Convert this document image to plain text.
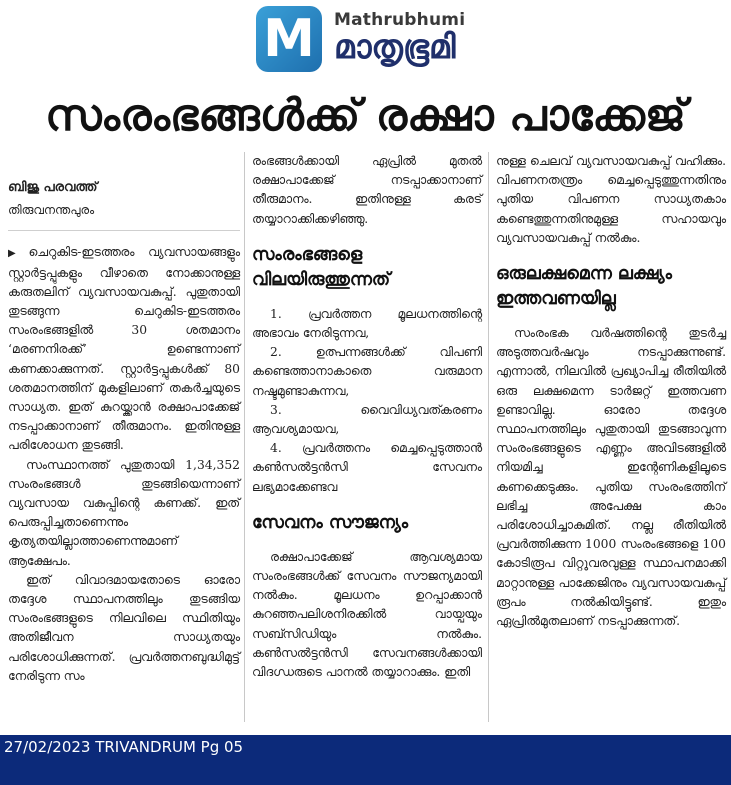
M Mathrubhumi
മാതൃഭൂമി
സംരംഭങ്ങൾക്ക് രക്ഷാ പാക്കേജ്
ബിജു പരവത്ത്
തിരുവനന്തപുരം

▶ ചെറുകിട-ഇടത്തരം വ്യവസായങ്ങളും സ്റ്റാർട്ടപ്പുകളും വീഴാതെ നോക്കാനുള്ള കരുതലിന് വ്യവസായവകുപ്പ്. പുതുതായി തുടങ്ങുന്ന ചെറുകിട-ഇടത്തരം സംരംഭങ്ങളിൽ 30 ശതമാനം ‘മരണനിരക്ക്’ ഉണ്ടെന്നാണ് കണക്കാക്കുന്നത്. സ്റ്റാർട്ടപ്പുകൾക്ക് 80 ശതമാനത്തിന് മുകളിലാണ് തകർച്ചയുടെ സാധ്യത. ഇത് കുറയ്ക്കാൻ രക്ഷാപാക്കേജ് നടപ്പാക്കാനാണ് തീരുമാനം. ഇതിനുള്ള പരിശോധന തുടങ്ങി.

സംസ്ഥാനത്ത് പുതുതായി 1,34,352 സംരംഭങ്ങൾ തുടങ്ങിയെന്നാണ് വ്യവസായ വകുപ്പിന്റെ കണക്ക്. ഇത് പെരുപ്പിച്ചതാണെന്നും കൃത്യതയില്ലാത്താണെന്നുമാണ് ആക്ഷേപം.

ഇത് വിവാദമായതോടെ ഓരോ തദ്ദേശ സ്ഥാപനത്തിലും തുടങ്ങിയ സംരംഭങ്ങളുടെ നിലവിലെ സ്ഥിതിയും അതിജീവന സാധ്യതയും പരിശോധിക്കുന്നത്. പ്രവർത്തനബുദ്ധിമുട്ട് നേരിടുന്ന സം

രംഭങ്ങൾക്കായി ഏപ്രിൽ മുതൽ രക്ഷാപാക്കേജ് നടപ്പാക്കാനാണ് തീരുമാനം. ഇതിനുള്ള കരട് തയ്യാറാക്കിക്കഴിഞ്ഞു.

സംരംഭങ്ങളെ വിലയിരുത്തുന്നത്

1. പ്രവർത്തന മൂലധനത്തിന്റെ അഭാവം നേരിടുന്നവ,

2. ഉത്പന്നങ്ങൾക്ക് വിപണി കണ്ടെത്താനാകാതെ വരുമാന നഷ്ടമുണ്ടാകുന്നവ,

3. വൈവിധ്യവത്കരണം ആവശ്യമായവ,

4. പ്രവർത്തനം മെച്ചപ്പെടുത്താൻ കൺസൽട്ടൻസി സേവനം ലഭ്യമാക്കേണ്ടവ

സേവനം സൗജന്യം

രക്ഷാപാക്കേജ് ആവശ്യമായ സംരംഭങ്ങൾക്ക് സേവനം സൗജന്യമായി നൽകും. മൂലധനം ഉറപ്പാക്കാൻ കുറഞ്ഞപലിശനിരക്കിൽ വായ്പയും സബ്സിഡിയും നൽകും. കൺസൽട്ടൻസി സേവനങ്ങൾക്കായി വിദഗ്ധരുടെ പാനൽ തയ്യാറാക്കും. ഇതി

നുള്ള ചെലവ് വ്യവസായവകുപ്പ് വഹിക്കും. വിപണനതന്ത്രം മെച്ചപ്പെടുത്തുന്നതിനും പുതിയ വിപണന സാധ്യതകാം കണ്ടെത്തുന്നതിനുമുള്ള സഹായവും വ്യവസായവകുപ്പ് നൽകും.

ഒരുലക്ഷമെന്ന ലക്ഷ്യം ഇത്തവണയില്ല

സംരംഭക വർഷത്തിന്റെ തുടർച്ച അടുത്തവർഷവും നടപ്പാക്കുന്നുണ്ട്. എന്നാൽ, നിലവിൽ പ്രഖ്യാപിച്ച രീതിയിൽ ഒരു ലക്ഷമെന്ന ടാർജറ്റ് ഇത്തവണ ഉണ്ടാവില്ല. ഓരോ തദ്ദേശ സ്ഥാപനത്തിലും പുതുതായി തുടങ്ങാവുന്ന സംരംഭങ്ങളുടെ എണ്ണം അവിടങ്ങളിൽ നിയമിച്ച ഇന്റേണികളിലൂടെ കണക്കെടുക്കും. പുതിയ സംരംഭത്തിന് ലഭിച്ച അപേക്ഷ കാം പരിശോധിച്ചാകുമിത്. നല്ല രീതിയിൽ പ്രവർത്തിക്കുന്ന 1000 സംരംഭങ്ങളെ 100 കോടിരൂപ വിറ്റുവരവുള്ള സ്ഥാപനമാക്കി മാറ്റാനുള്ള പാക്കേജിനും വ്യവസായവകുപ്പ് രൂപം നൽകിയിട്ടുണ്ട്. ഇതും ഏപ്രിൽമുതലാണ് നടപ്പാക്കുന്നത്.

27/02/2023 TRIVANDRUM Pg 05
